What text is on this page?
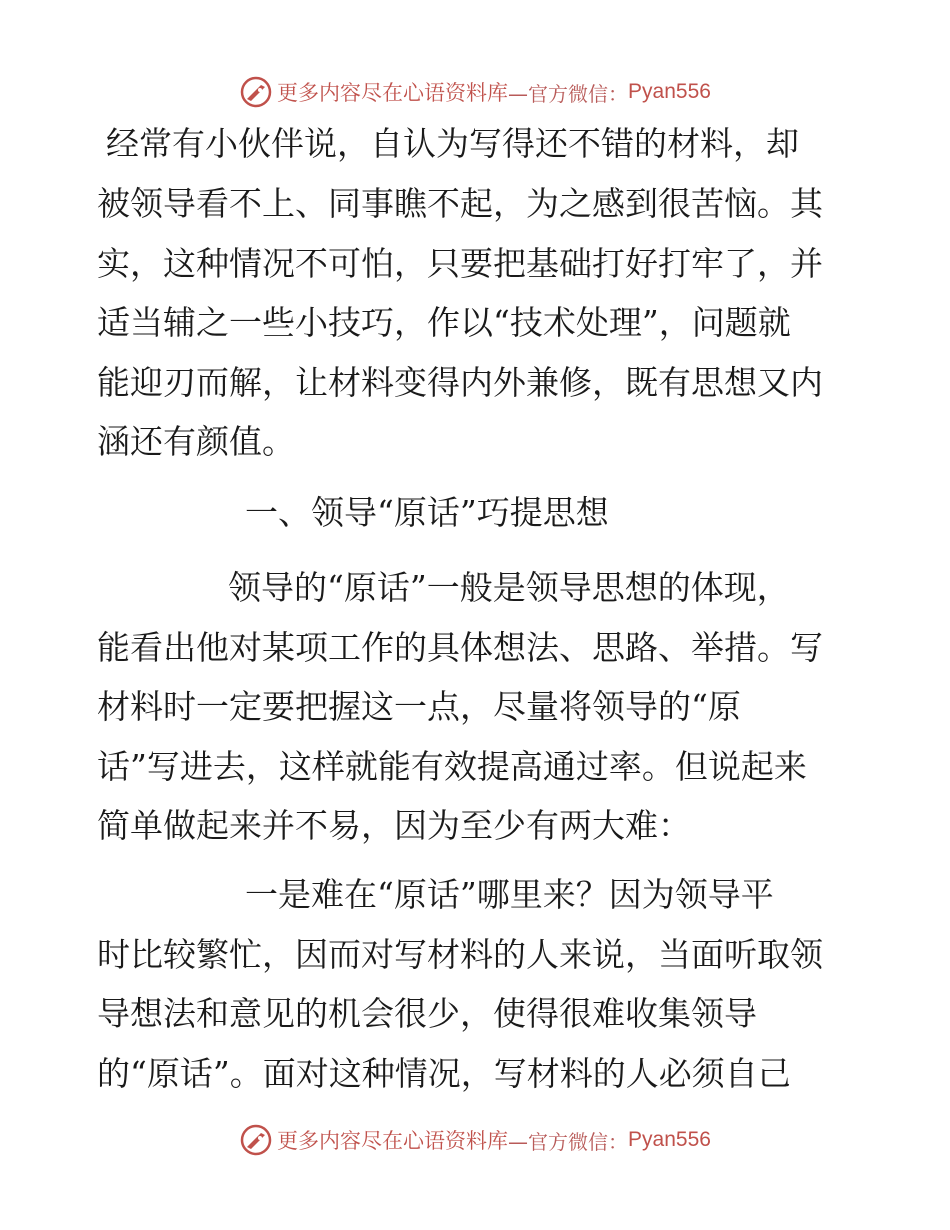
更多内容尽在心语资料库 —官方微信： Pyan556
经常有小伙伴说，自认为写得还不错的材料，却
被领导看不上、同事瞧不起，为之感到很苦恼。其
实，这种情况不可怕，只要把基础打好打牢了，并
适当辅之一些小技巧，作以“技术处理”，问题就
能迎刃而解，让材料变得内外兼修，既有思想又内
涵还有颜值。
一、领导“原话”巧提思想
领导的“原话”一般是领导思想的体现，
能看出他对某项工作的具体想法、思路、举措。写
材料时一定要把握这一点，尽量将领导的“原
话”写进去，这样就能有效提高通过率。但说起来
简单做起来并不易，因为至少有两大难：
一是难在“原话”哪里来？因为领导平
时比较繁忙，因而对写材料的人来说，当面听取领
导想法和意见的机会很少，使得很难收集领导
的“原话”。面对这种情况，写材料的人必须自己
更多内容尽在心语资料库 —官方微信： Pyan556
